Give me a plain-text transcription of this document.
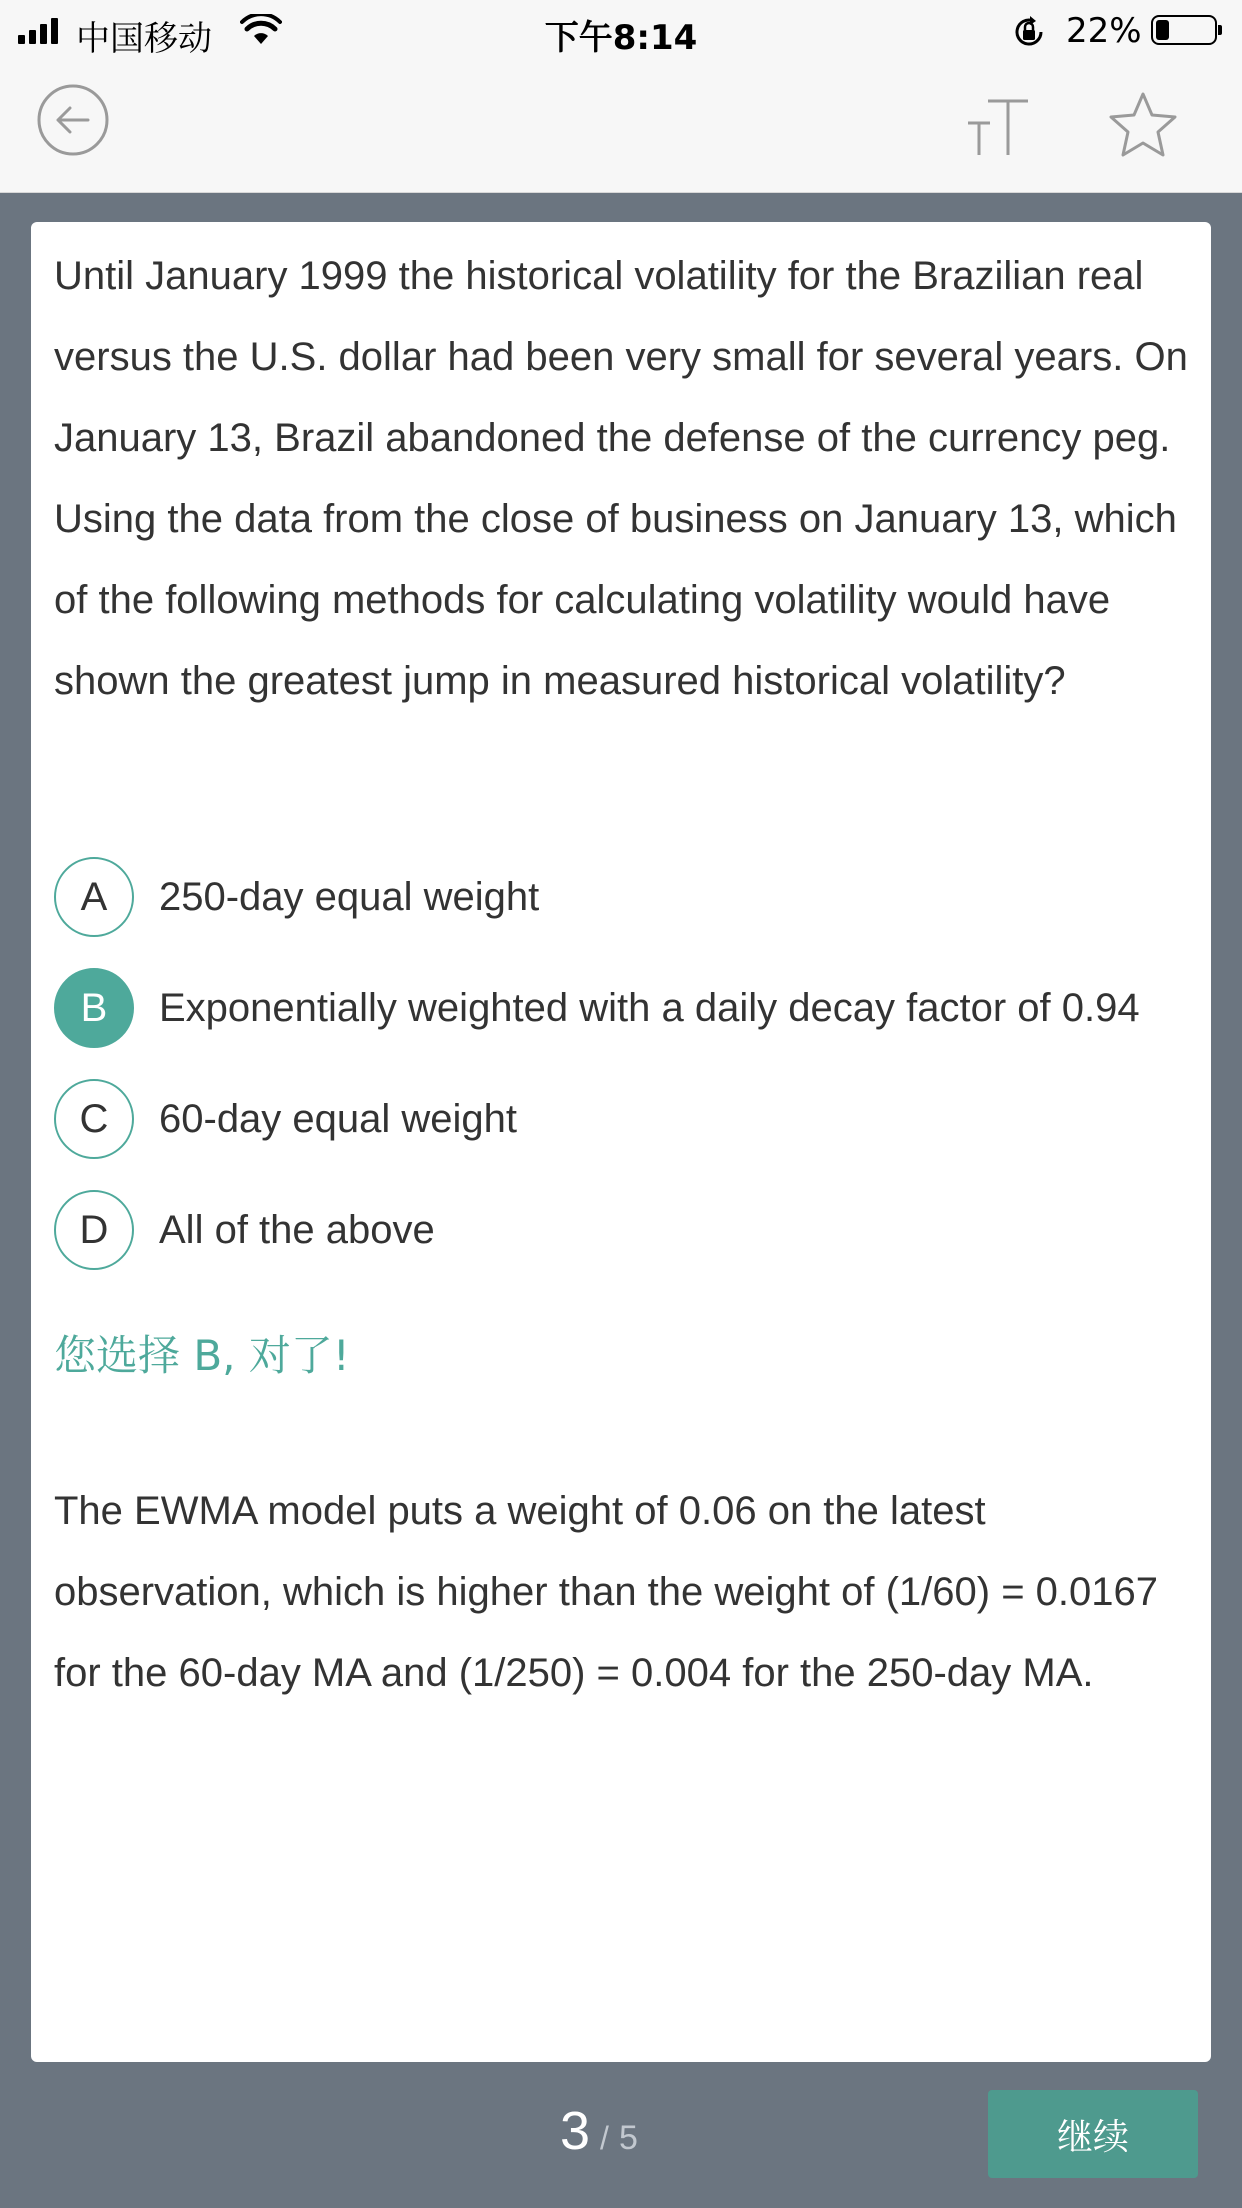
中国移动	下午8:14	22%

Until January 1999 the historical volatility for the Brazilian real versus the U.S. dollar had been very small for several years. On January 13, Brazil abandoned the defense of the currency peg. Using the data from the close of business on January 13, which of the following methods for calculating volatility would have shown the greatest jump in measured historical volatility?

A	250-day equal weight
B	Exponentially weighted with a daily decay factor of 0.94
C	60-day equal weight
D	All of the above
您选择 B, 对了!

The EWMA model puts a weight of 0.06 on the latest observation, which is higher than the weight of (1/60) = 0.0167 for the 60-day MA and (1/250) = 0.004 for the 250-day MA.

3 / 5	继续
